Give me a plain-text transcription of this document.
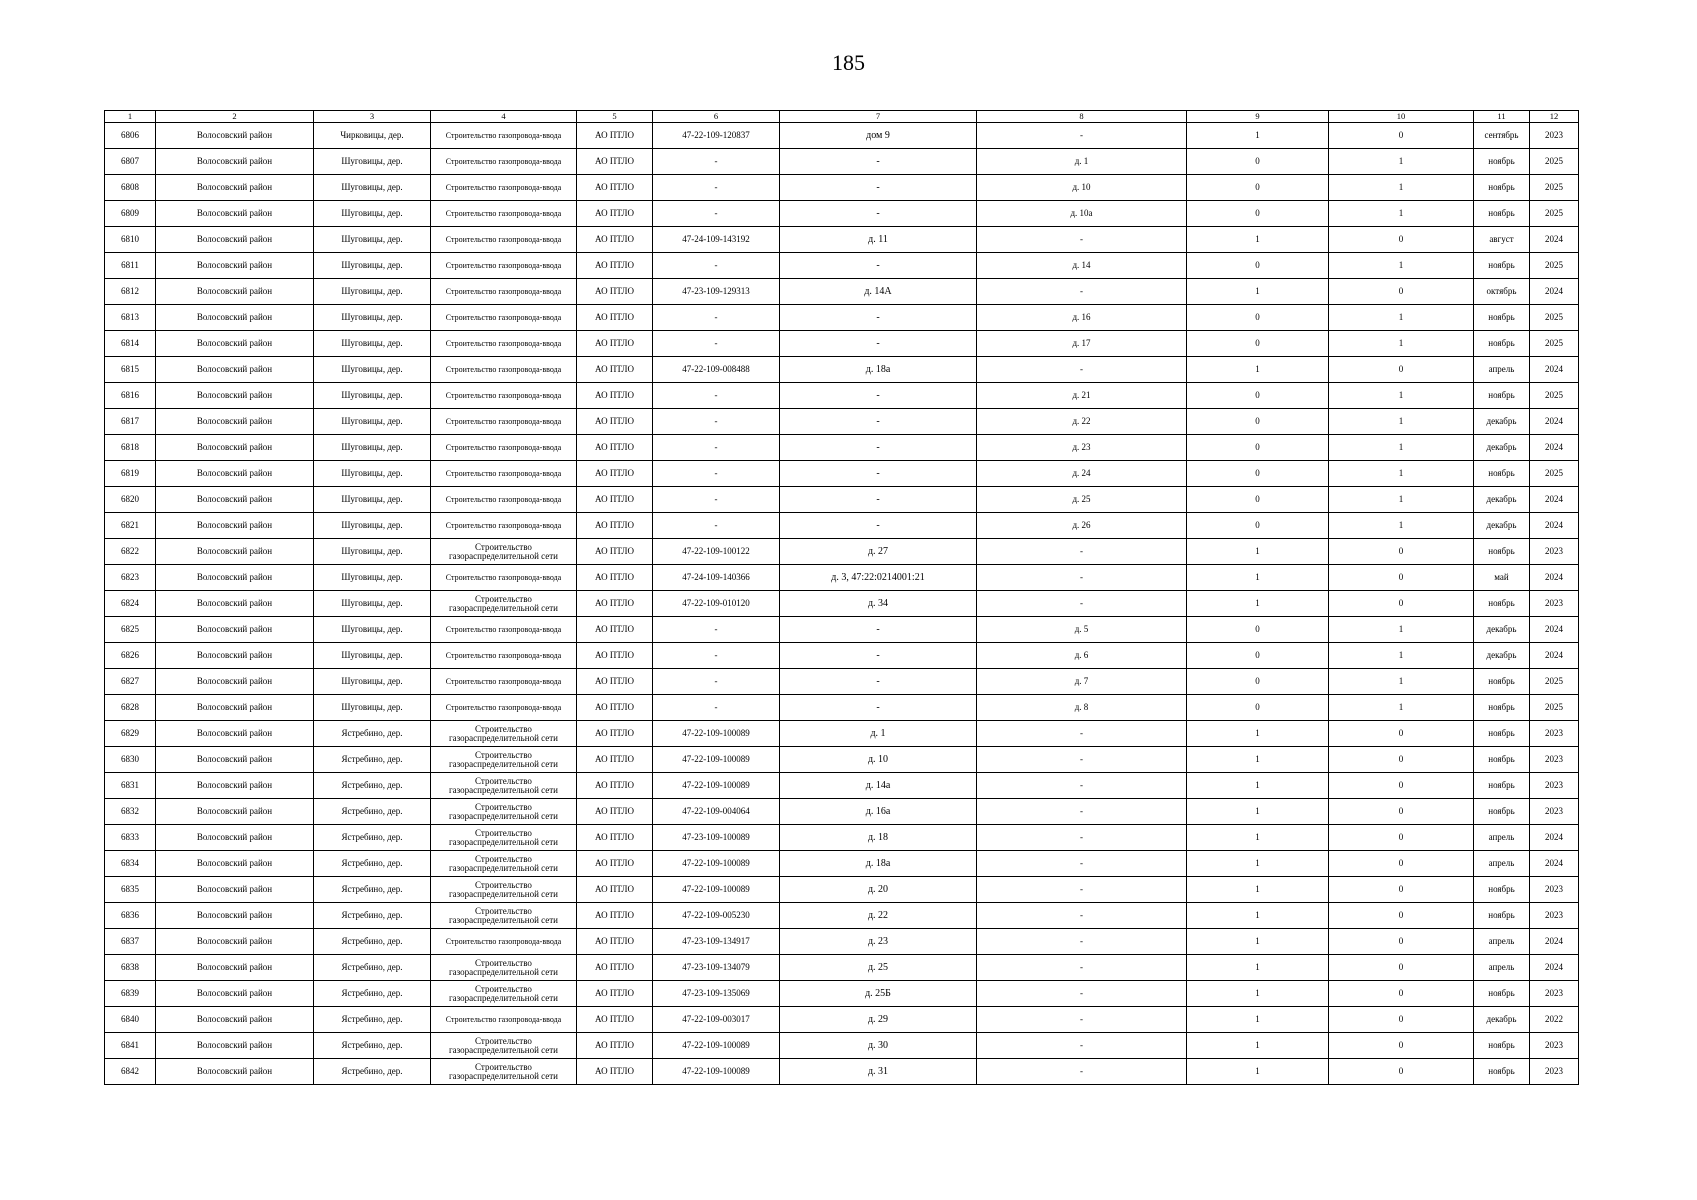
185
1	2	3	4	5	6	7	8	9	10	11	12
6806	Волосовский район	Чирковицы, дер.	Строительство газопровода-ввода	АО ПТЛО	47-22-109-120837	дом 9	-	1	0	сентябрь	2023
6807	Волосовский район	Шуговицы, дер.	Строительство газопровода-ввода	АО ПТЛО	-	-	д. 1	0	1	ноябрь	2025
6808	Волосовский район	Шуговицы, дер.	Строительство газопровода-ввода	АО ПТЛО	-	-	д. 10	0	1	ноябрь	2025
6809	Волосовский район	Шуговицы, дер.	Строительство газопровода-ввода	АО ПТЛО	-	-	д. 10а	0	1	ноябрь	2025
6810	Волосовский район	Шуговицы, дер.	Строительство газопровода-ввода	АО ПТЛО	47-24-109-143192	д. 11	-	1	0	август	2024
6811	Волосовский район	Шуговицы, дер.	Строительство газопровода-ввода	АО ПТЛО	-	-	д. 14	0	1	ноябрь	2025
6812	Волосовский район	Шуговицы, дер.	Строительство газопровода-ввода	АО ПТЛО	47-23-109-129313	д. 14А	-	1	0	октябрь	2024
6813	Волосовский район	Шуговицы, дер.	Строительство газопровода-ввода	АО ПТЛО	-	-	д. 16	0	1	ноябрь	2025
6814	Волосовский район	Шуговицы, дер.	Строительство газопровода-ввода	АО ПТЛО	-	-	д. 17	0	1	ноябрь	2025
6815	Волосовский район	Шуговицы, дер.	Строительство газопровода-ввода	АО ПТЛО	47-22-109-008488	д. 18а	-	1	0	апрель	2024
6816	Волосовский район	Шуговицы, дер.	Строительство газопровода-ввода	АО ПТЛО	-	-	д. 21	0	1	ноябрь	2025
6817	Волосовский район	Шуговицы, дер.	Строительство газопровода-ввода	АО ПТЛО	-	-	д. 22	0	1	декабрь	2024
6818	Волосовский район	Шуговицы, дер.	Строительство газопровода-ввода	АО ПТЛО	-	-	д. 23	0	1	декабрь	2024
6819	Волосовский район	Шуговицы, дер.	Строительство газопровода-ввода	АО ПТЛО	-	-	д. 24	0	1	ноябрь	2025
6820	Волосовский район	Шуговицы, дер.	Строительство газопровода-ввода	АО ПТЛО	-	-	д. 25	0	1	декабрь	2024
6821	Волосовский район	Шуговицы, дер.	Строительство газопровода-ввода	АО ПТЛО	-	-	д. 26	0	1	декабрь	2024
6822	Волосовский район	Шуговицы, дер.	Строительство газораспределительной сети	АО ПТЛО	47-22-109-100122	д. 27	-	1	0	ноябрь	2023
6823	Волосовский район	Шуговицы, дер.	Строительство газопровода-ввода	АО ПТЛО	47-24-109-140366	д. 3, 47:22:0214001:21	-	1	0	май	2024
6824	Волосовский район	Шуговицы, дер.	Строительство газораспределительной сети	АО ПТЛО	47-22-109-010120	д. 34	-	1	0	ноябрь	2023
6825	Волосовский район	Шуговицы, дер.	Строительство газопровода-ввода	АО ПТЛО	-	-	д. 5	0	1	декабрь	2024
6826	Волосовский район	Шуговицы, дер.	Строительство газопровода-ввода	АО ПТЛО	-	-	д. 6	0	1	декабрь	2024
6827	Волосовский район	Шуговицы, дер.	Строительство газопровода-ввода	АО ПТЛО	-	-	д. 7	0	1	ноябрь	2025
6828	Волосовский район	Шуговицы, дер.	Строительство газопровода-ввода	АО ПТЛО	-	-	д. 8	0	1	ноябрь	2025
6829	Волосовский район	Ястребино, дер.	Строительство газораспределительной сети	АО ПТЛО	47-22-109-100089	д. 1	-	1	0	ноябрь	2023
6830	Волосовский район	Ястребино, дер.	Строительство газораспределительной сети	АО ПТЛО	47-22-109-100089	д. 10	-	1	0	ноябрь	2023
6831	Волосовский район	Ястребино, дер.	Строительство газораспределительной сети	АО ПТЛО	47-22-109-100089	д. 14а	-	1	0	ноябрь	2023
6832	Волосовский район	Ястребино, дер.	Строительство газораспределительной сети	АО ПТЛО	47-22-109-004064	д. 16а	-	1	0	ноябрь	2023
6833	Волосовский район	Ястребино, дер.	Строительство газораспределительной сети	АО ПТЛО	47-23-109-100089	д. 18	-	1	0	апрель	2024
6834	Волосовский район	Ястребино, дер.	Строительство газораспределительной сети	АО ПТЛО	47-22-109-100089	д. 18а	-	1	0	апрель	2024
6835	Волосовский район	Ястребино, дер.	Строительство газораспределительной сети	АО ПТЛО	47-22-109-100089	д. 20	-	1	0	ноябрь	2023
6836	Волосовский район	Ястребино, дер.	Строительство газораспределительной сети	АО ПТЛО	47-22-109-005230	д. 22	-	1	0	ноябрь	2023
6837	Волосовский район	Ястребино, дер.	Строительство газопровода-ввода	АО ПТЛО	47-23-109-134917	д. 23	-	1	0	апрель	2024
6838	Волосовский район	Ястребино, дер.	Строительство газораспределительной сети	АО ПТЛО	47-23-109-134079	д. 25	-	1	0	апрель	2024
6839	Волосовский район	Ястребино, дер.	Строительство газораспределительной сети	АО ПТЛО	47-23-109-135069	д. 25Б	-	1	0	ноябрь	2023
6840	Волосовский район	Ястребино, дер.	Строительство газопровода-ввода	АО ПТЛО	47-22-109-003017	д. 29	-	1	0	декабрь	2022
6841	Волосовский район	Ястребино, дер.	Строительство газораспределительной сети	АО ПТЛО	47-22-109-100089	д. 30	-	1	0	ноябрь	2023
6842	Волосовский район	Ястребино, дер.	Строительство газораспределительной сети	АО ПТЛО	47-22-109-100089	д. 31	-	1	0	ноябрь	2023
